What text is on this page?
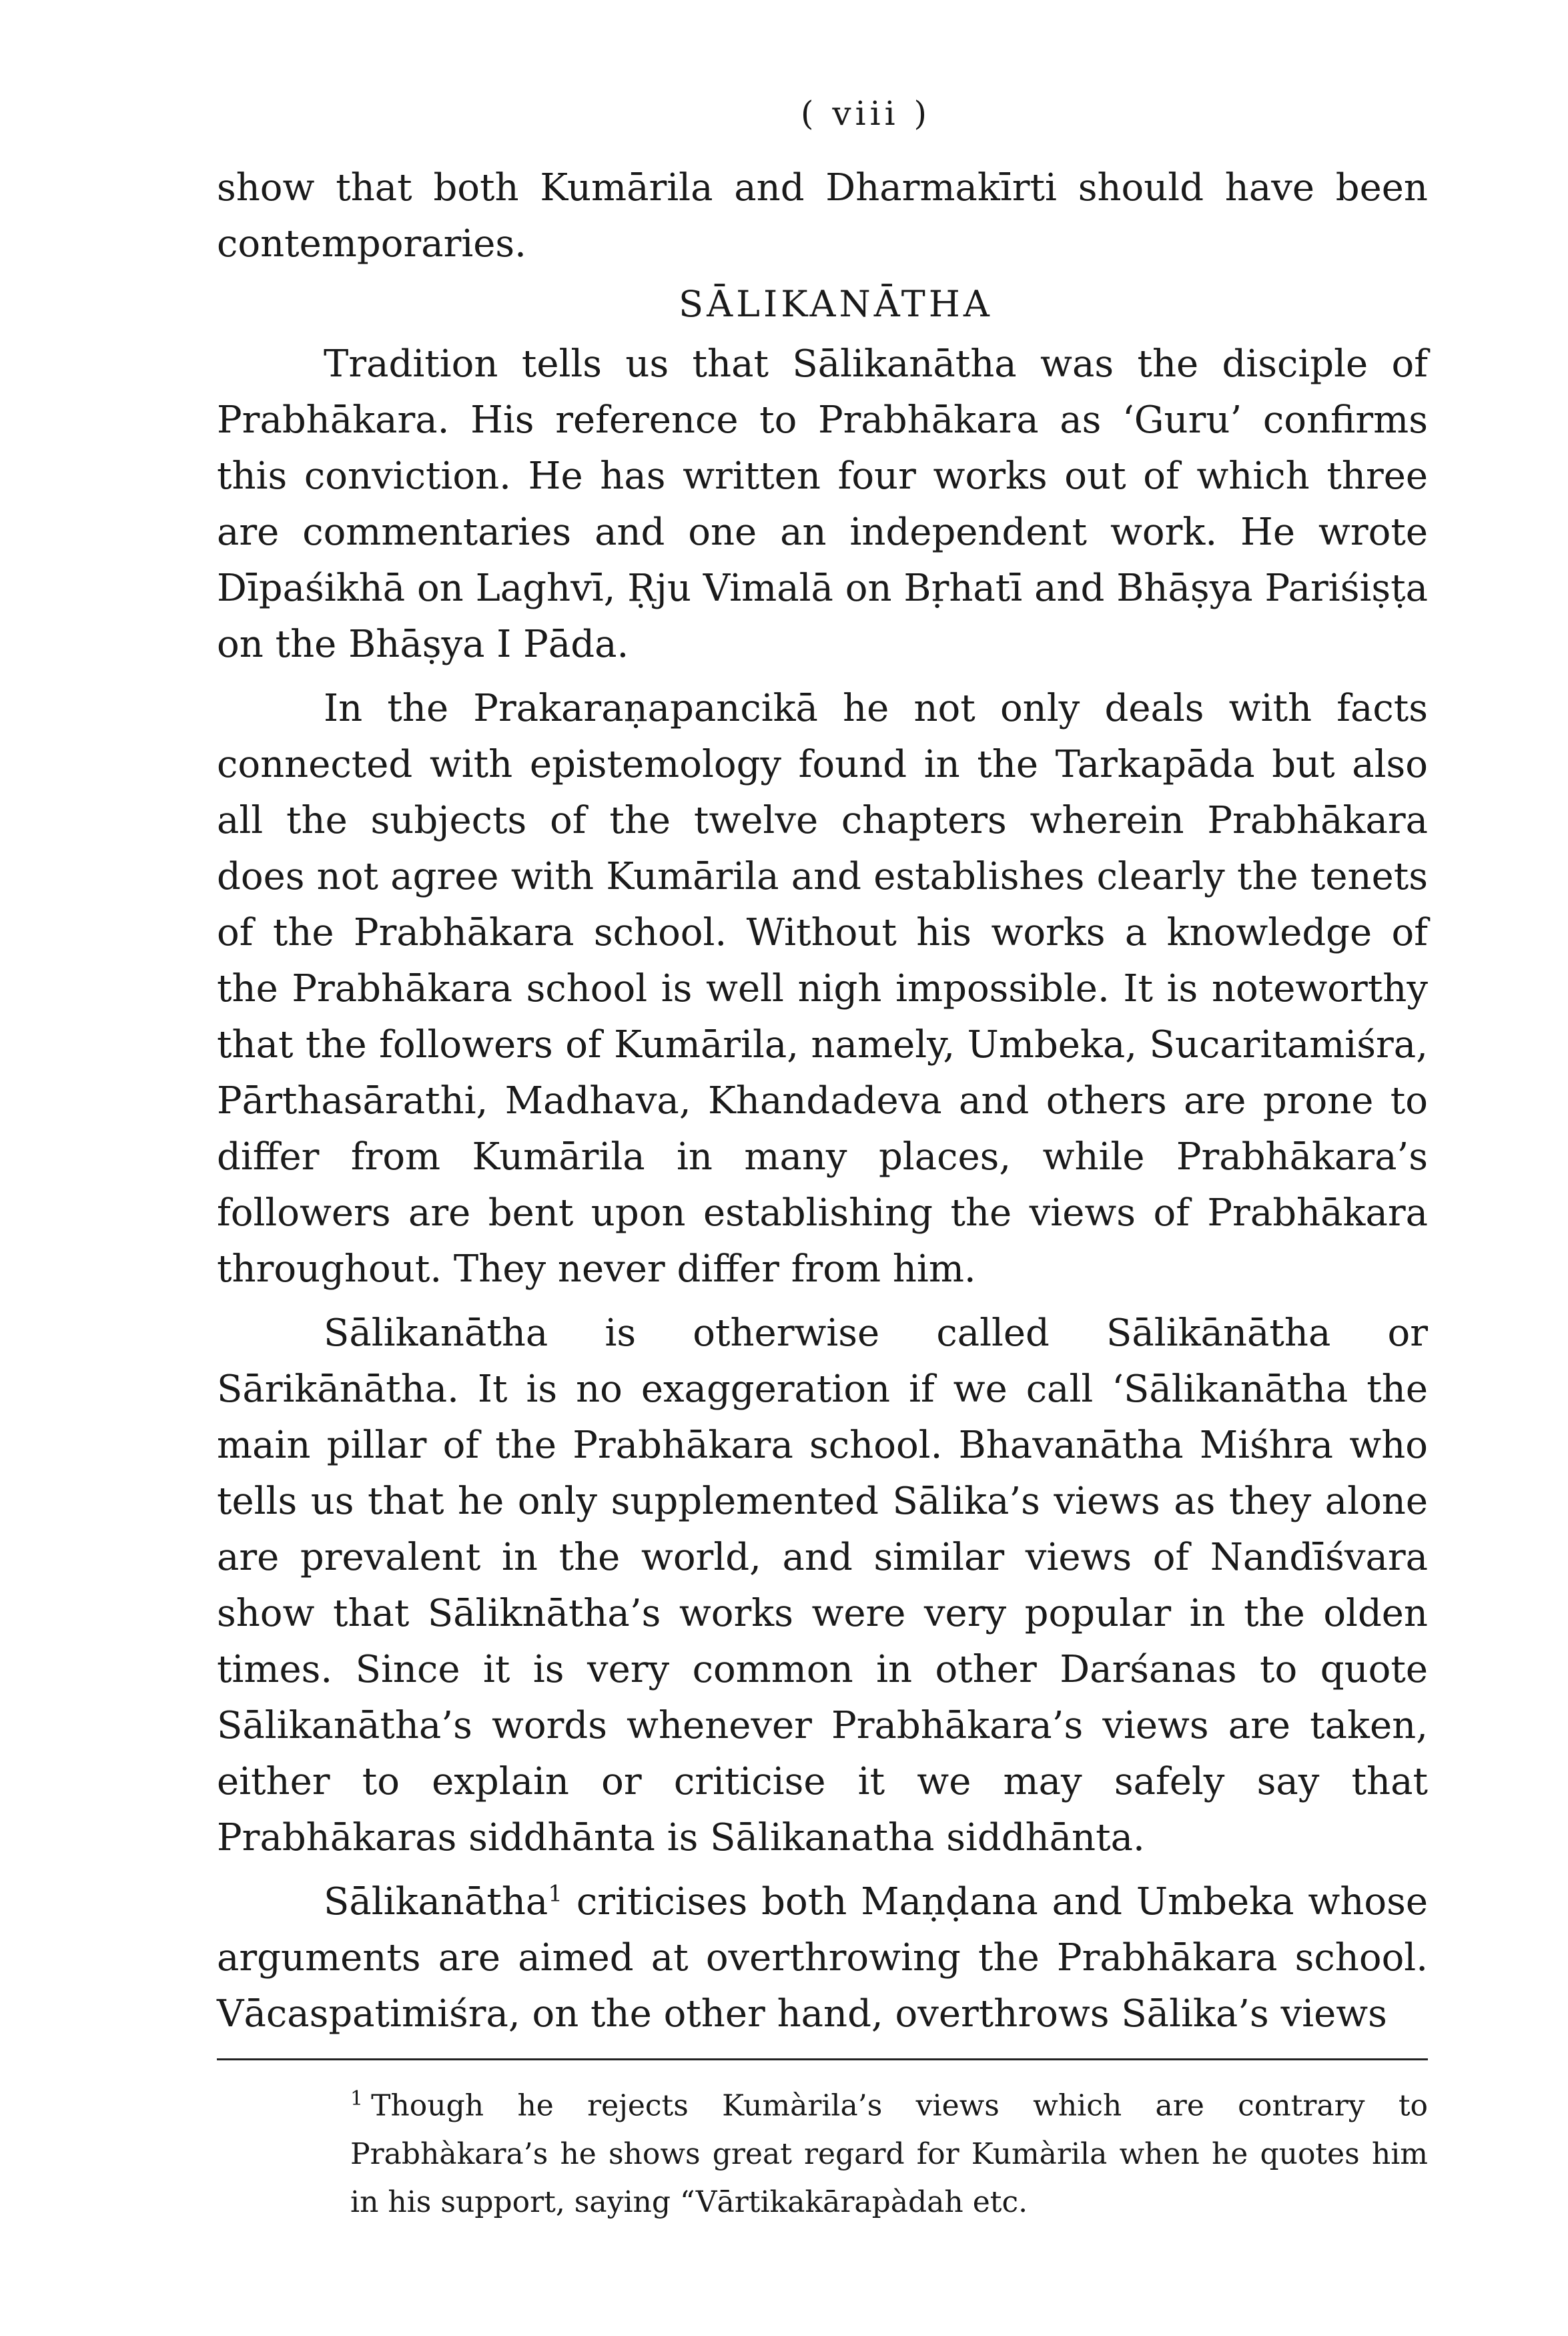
( viii )

show that both Kumārila and Dharmakīrti should have been contemporaries.

SĀLIKANĀTHA

Tradition tells us that Sālikanātha was the disciple of Prabhākara. His reference to Prabhākara as ‘Guru’ confirms this conviction. He has written four works out of which three are commentaries and one an independent work. He wrote Dīpaśikhā on Laghvī, Ṛju Vimalā on Bṛhatī and Bhāṣya Pariśiṣṭa on the Bhāṣya I Pāda.

In the Prakaraṇapancikā he not only deals with facts connected with epistemology found in the Tarkapāda but also all the subjects of the twelve chapters wherein Prabhākara does not agree with Kumārila and establishes clearly the tenets of the Prabhākara school. Without his works a knowledge of the Prabhākara school is well nigh impossible. It is noteworthy that the followers of Kumārila, namely, Umbeka, Sucaritamiśra, Pārthasārathi, Madhava, Khandadeva and others are prone to differ from Kumārila in many places, while Prabhākara’s followers are bent upon establishing the views of Prabhākara throughout. They never differ from him.

Sālikanātha is otherwise called Sālikānātha or Sārikānātha. It is no exaggeration if we call ‘Sālikanātha the main pillar of the Prabhākara school. Bhavanātha Miśhra who tells us that he only supplemented Sālika’s views as they alone are prevalent in the world, and similar views of Nandīśvara show that Sāliknātha’s works were very popular in the olden times. Since it is very common in other Darśanas to quote Sālikanātha’s words whenever Prabhākara’s views are taken, either to explain or criticise it we may safely say that Prabhākaras siddhānta is Sālikanatha siddhānta.

Sālikanātha$^1$ criticises both Maṇḍana and Umbeka whose arguments are aimed at overthrowing the Prabhākara school. Vācaspatimiśra, on the other hand, overthrows Sālika’s views

$^1$ Though he rejects Kumàrila’s views which are contrary to Prabhàkara’s he shows great regard for Kumàrila when he quotes him in his support, saying “Vārtikakārapàdah etc.
